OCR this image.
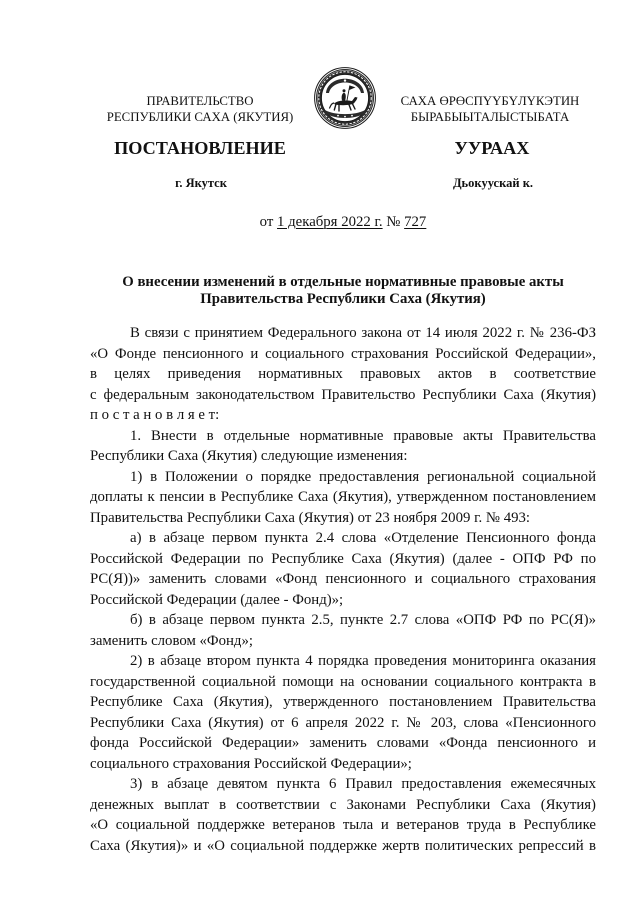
ПРАВИТЕЛЬСТВО
РЕСПУБЛИКИ САХА (ЯКУТИЯ)
САХА ӨРӨСПҮҮБҮЛҮКЭТИН
БЫРАБЫЫТАЛЫСТЫБАТА
ПОСТАНОВЛЕНИЕ	УУРААХ
г. Якутск	Дьокуускай к.
от 1 декабря 2022 г. № 727
О внесении изменений в отдельные нормативные правовые акты
Правительства Республики Саха (Якутия)
В связи с принятием Федерального закона от 14 июля 2022 г. № 236-ФЗ
«О Фонде пенсионного и социального страхования Российской Федерации»,
в целях приведения нормативных правовых актов в соответствие
с федеральным законодательством Правительство Республики Саха (Якутия)
п о с т а н о в л я е т:
1. Внести в отдельные нормативные правовые акты Правительства
Республики Саха (Якутия) следующие изменения:
1) в Положении о порядке предоставления региональной социальной
доплаты к пенсии в Республике Саха (Якутия), утвержденном постановлением
Правительства Республики Саха (Якутия) от 23 ноября 2009 г. № 493:
а) в абзаце первом пункта 2.4 слова «Отделение Пенсионного фонда
Российской Федерации по Республике Саха (Якутия) (далее - ОПФ РФ по
РС(Я))» заменить словами «Фонд пенсионного и социального страхования
Российской Федерации (далее - Фонд)»;
б) в абзаце первом пункта 2.5, пункте 2.7 слова «ОПФ РФ по РС(Я)»
заменить словом «Фонд»;
2) в абзаце втором пункта 4 порядка проведения мониторинга оказания
государственной социальной помощи на основании социального контракта в
Республике Саха (Якутия), утвержденного постановлением Правительства
Республики Саха (Якутия) от 6 апреля 2022 г. № 203, слова «Пенсионного
фонда Российской Федерации» заменить словами «Фонда пенсионного и
социального страхования Российской Федерации»;
3) в абзаце девятом пункта 6 Правил предоставления ежемесячных
денежных выплат в соответствии с Законами Республики Саха (Якутия)
«О социальной поддержке ветеранов тыла и ветеранов труда в Республике
Саха (Якутия)» и «О социальной поддержке жертв политических репрессий в
